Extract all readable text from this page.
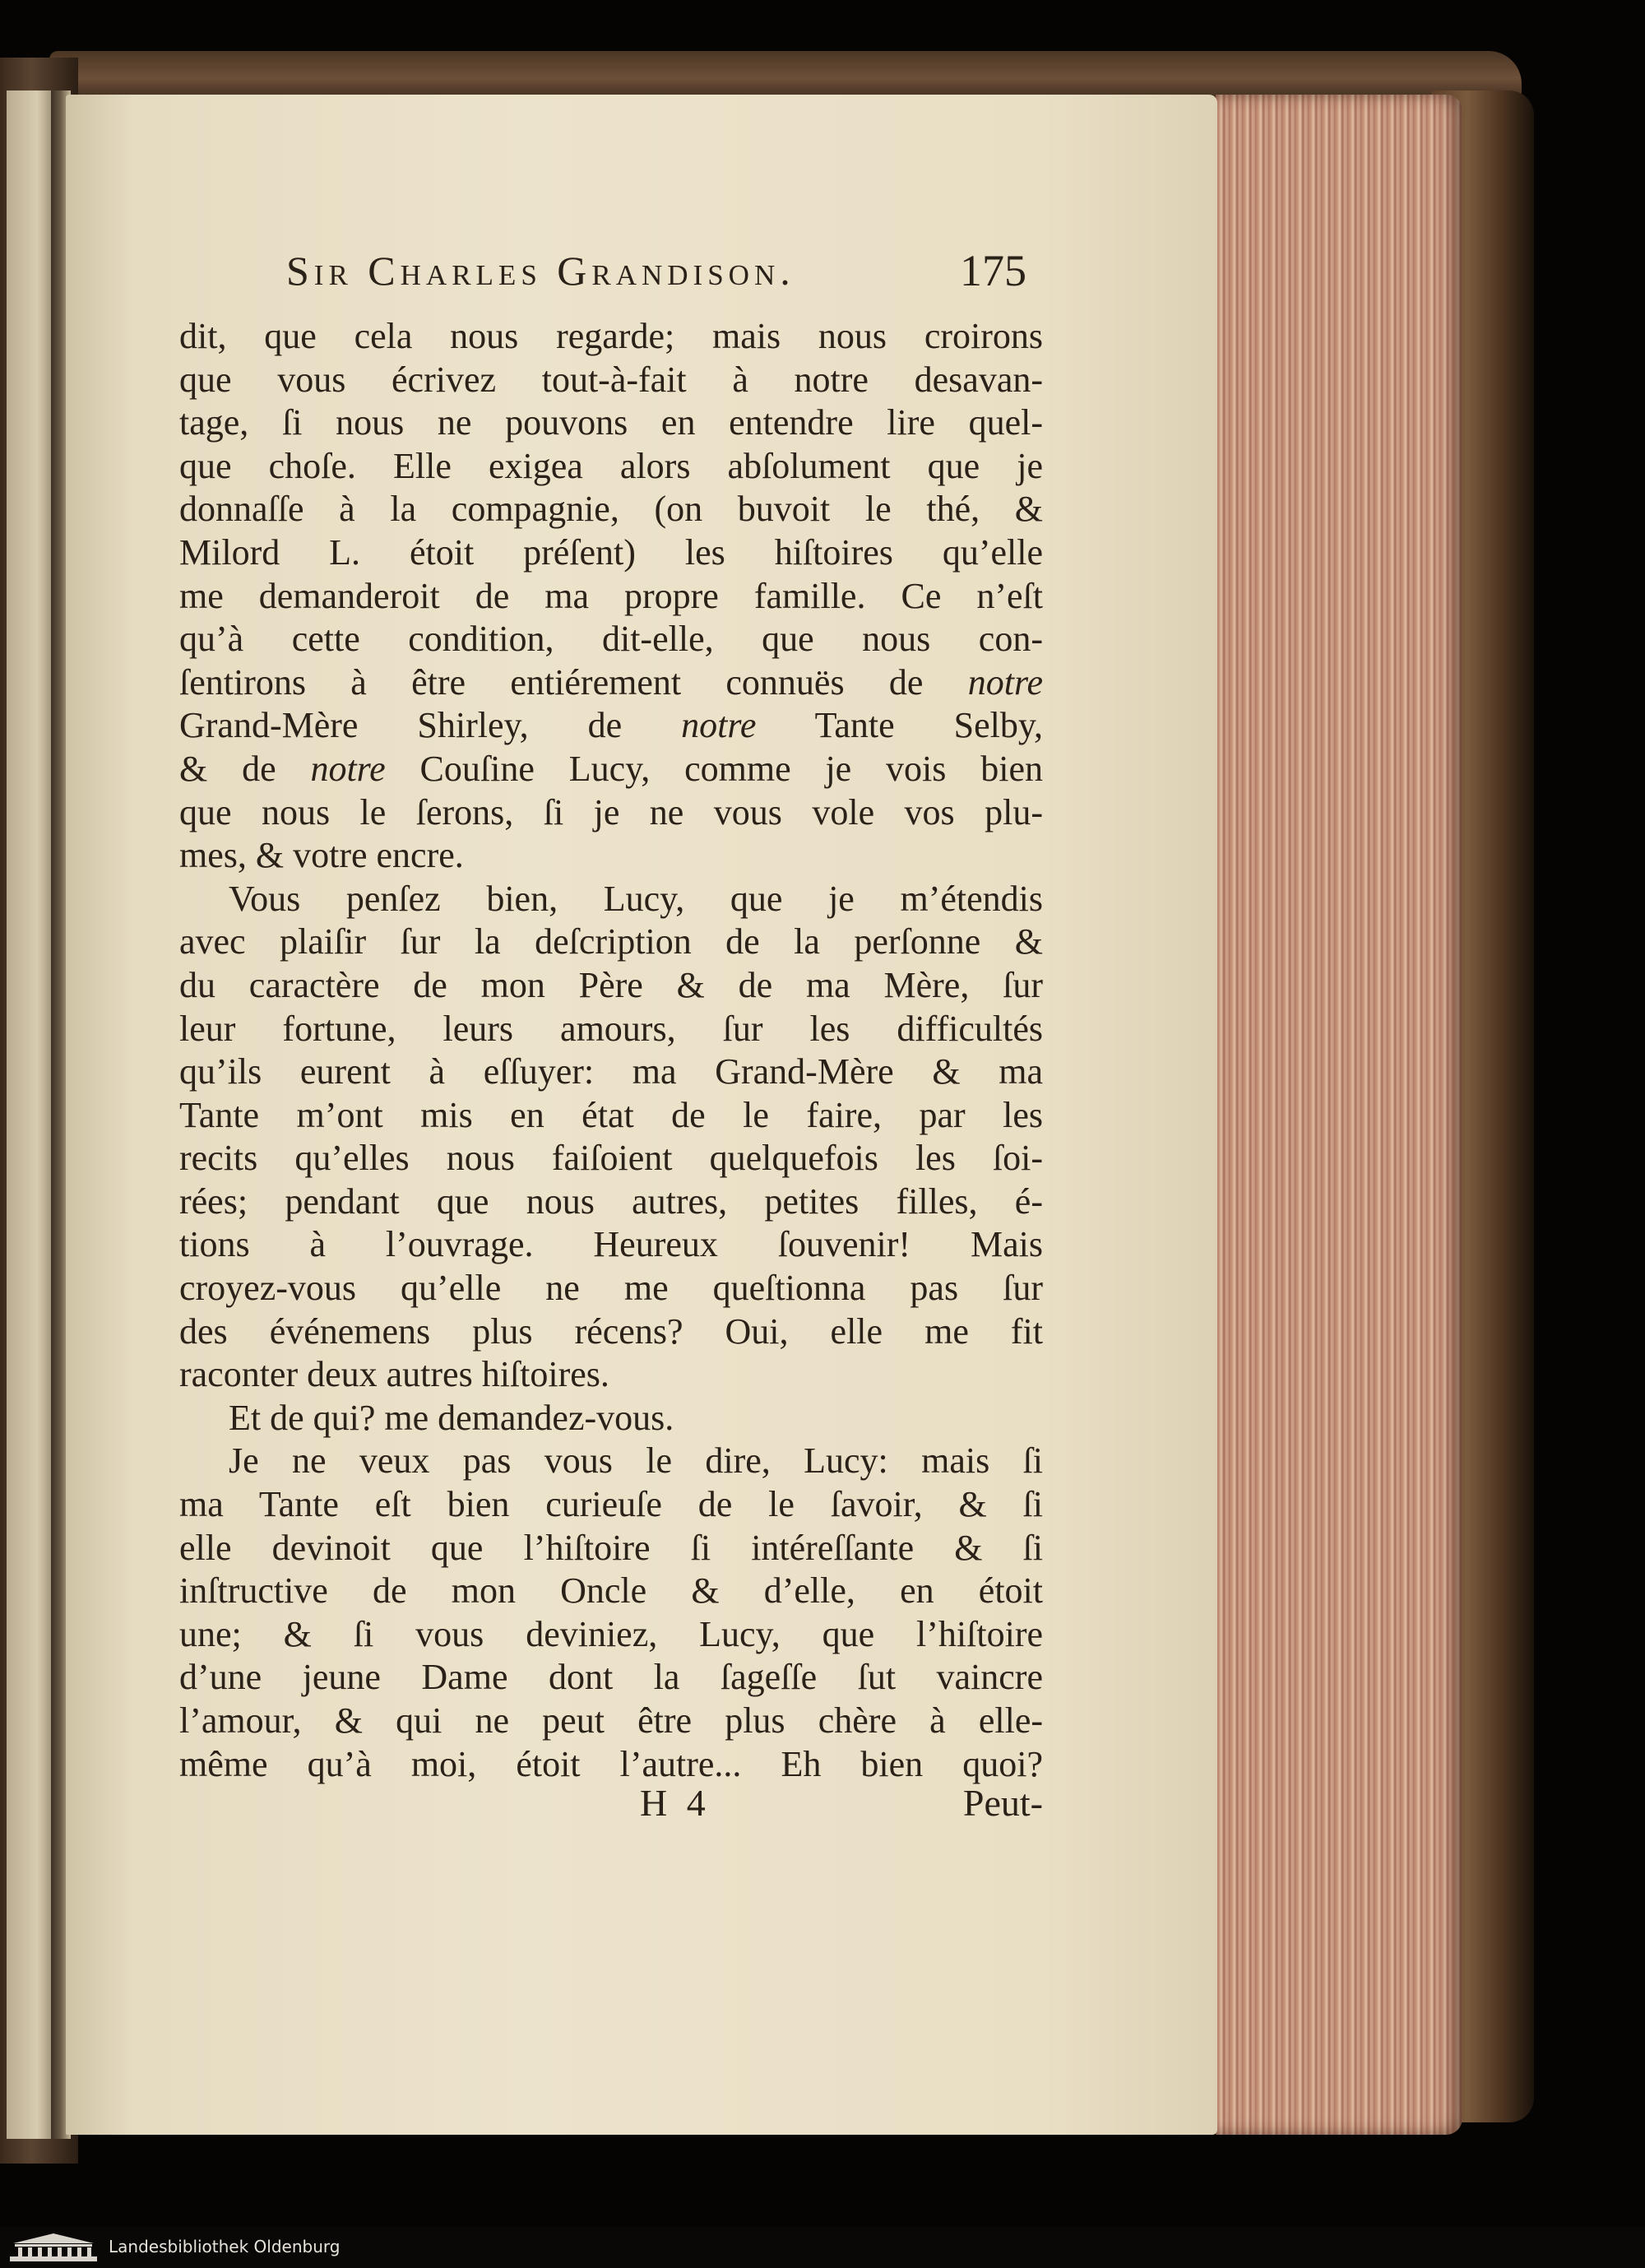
Sir Charles Grandison.	175
dit, que cela nous regarde; mais nous croirons
que vous écrivez tout-à-fait à notre desavan-
tage, ſi nous ne pouvons en entendre lire quel-
que choſe. Elle exigea alors abſolument que je
donnaſſe à la compagnie, (on buvoit le thé, &
Milord L. étoit préſent) les hiſtoires qu’elle
me demanderoit de ma propre famille. Ce n’eſt
qu’à cette condition, dit-elle, que nous con-
ſentirons à être entiérement connuës de notre
Grand-Mère Shirley, de notre Tante Selby,
& de notre Couſine Lucy, comme je vois bien
que nous le ſerons, ſi je ne vous vole vos plu-
mes, & votre encre.
Vous penſez bien, Lucy, que je m’étendis
avec plaiſir ſur la deſcription de la perſonne &
du caractère de mon Père & de ma Mère, ſur
leur fortune, leurs amours, ſur les difficultés
qu’ils eurent à eſſuyer: ma Grand-Mère & ma
Tante m’ont mis en état de le faire, par les
recits qu’elles nous faiſoient quelquefois les ſoi-
rées; pendant que nous autres, petites filles, é-
tions à l’ouvrage. Heureux ſouvenir! Mais
croyez-vous qu’elle ne me queſtionna pas ſur
des événemens plus récens? Oui, elle me fit
raconter deux autres hiſtoires.
Et de qui? me demandez-vous.
Je ne veux pas vous le dire, Lucy: mais ſi
ma Tante eſt bien curieuſe de le ſavoir, & ſi
elle devinoit que l’hiſtoire ſi intéreſſante & ſi
inſtructive de mon Oncle & d’elle, en étoit
une; & ſi vous deviniez, Lucy, que l’hiſtoire
d’une jeune Dame dont la ſageſſe ſut vaincre
l’amour, & qui ne peut être plus chère à elle-
même qu’à moi, étoit l’autre... Eh bien quoi?
H 4	Peut-
Landesbibliothek Oldenburg
